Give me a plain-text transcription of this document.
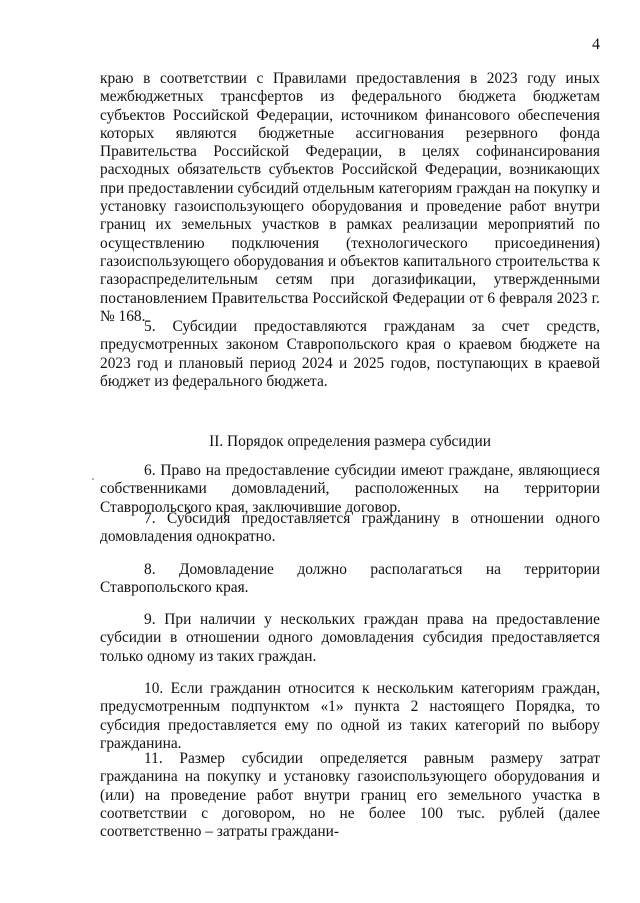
4

краю в соответствии с Правилами предоставления в 2023 году иных межбюджетных трансфертов из федерального бюджета бюджетам субъектов Российской Федерации, источником финансового обеспечения которых являются бюджетные ассигнования резервного фонда Правительства Российской Федерации, в целях софинансирования расходных обязательств субъектов Российской Федерации, возникающих при предоставлении субсидий отдельным категориям граждан на покупку и установку газоиспользующего оборудования и проведение работ внутри границ их земельных участков в рамках реализации мероприятий по осуществлению подключения (технологического присоединения) газоиспользующего оборудования и объектов капитального строительства к газораспределительным сетям при догазификации, утвержденными постановлением Правительства Российской Федерации от 6 февраля 2023 г. № 168.

5. Субсидии предоставляются гражданам за счет средств, предусмотренных законом Ставропольского края о краевом бюджете на 2023 год и плановый период 2024 и 2025 годов, поступающих в краевой бюджет из федерального бюджета.

II. Порядок определения размера субсидии

6. Право на предоставление субсидии имеют граждане, являющиеся собственниками домовладений, расположенных на территории Ставропольского края, заключившие договор.

7. Субсидия предоставляется гражданину в отношении одного домовладения однократно.

8. Домовладение должно располагаться на территории Ставропольского края.

9. При наличии у нескольких граждан права на предоставление субсидии в отношении одного домовладения субсидия предоставляется только одному из таких граждан.

10. Если гражданин относится к нескольким категориям граждан, предусмотренным подпунктом «1» пункта 2 настоящего Порядка, то субсидия предоставляется ему по одной из таких категорий по выбору гражданина.

11. Размер субсидии определяется равным размеру затрат гражданина на покупку и установку газоиспользующего оборудования и (или) на проведение работ внутри границ его земельного участка в соответствии с договором, но не более 100 тыс. рублей (далее соответственно – затраты граждани-
